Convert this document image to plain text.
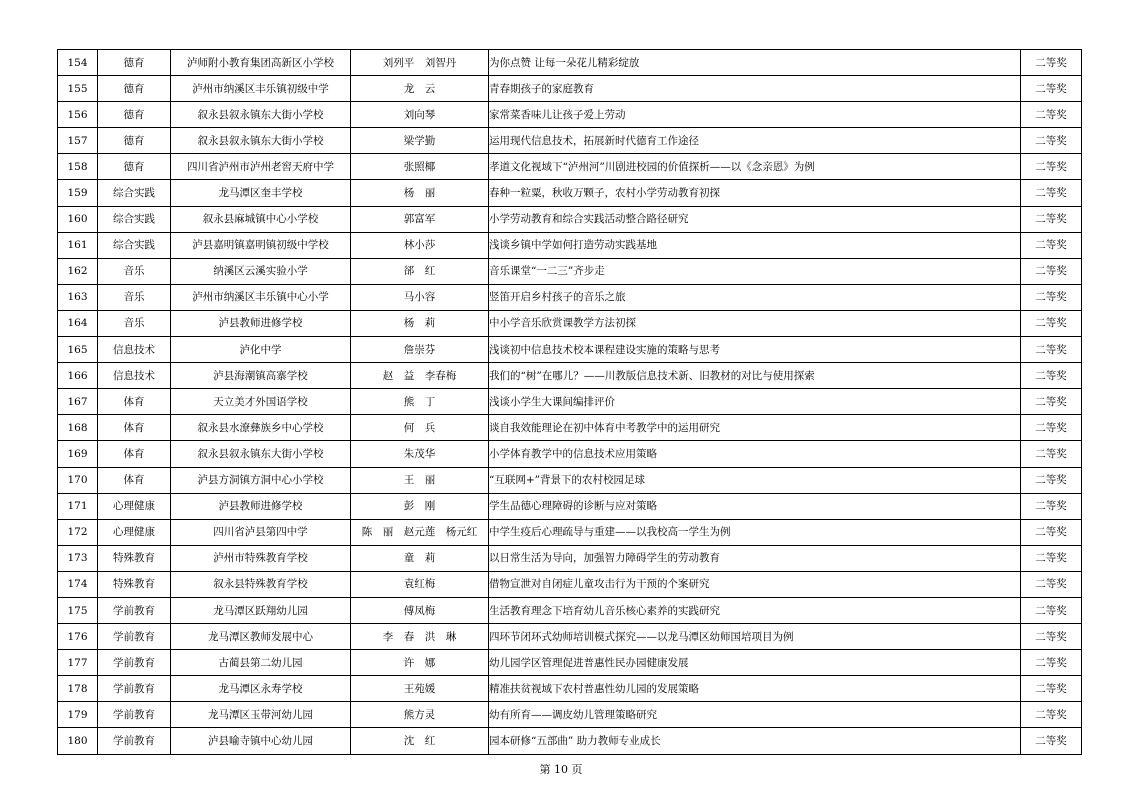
154	德育	泸师附小教育集团高新区小学校	刘列平　刘智丹	为你点赞 让每一朵花儿精彩绽放	二等奖
155	德育	泸州市纳溪区丰乐镇初级中学	龙　云	青春期孩子的家庭教育	二等奖
156	德育	叙永县叙永镇东大街小学校	刘向琴	家常菜香味儿让孩子爱上劳动	二等奖
157	德育	叙永县叙永镇东大街小学校	梁学勤	运用现代信息技术，拓展新时代德育工作途径	二等奖
158	德育	四川省泸州市泸州老窖天府中学	张照椰	孝道文化视域下“泸州河”川剧进校园的价值探析——以《念亲恩》为例	二等奖
159	综合实践	龙马潭区奎丰学校	杨　丽	春种一粒粟，秋收万颗子，农村小学劳动教育初探	二等奖
160	综合实践	叙永县麻城镇中心小学校	郭富军	小学劳动教育和综合实践活动整合路径研究	二等奖
161	综合实践	泸县嘉明镇嘉明镇初级中学校	林小莎	浅谈乡镇中学如何打造劳动实践基地	二等奖
162	音乐	纳溪区云溪实验小学	郤　红	音乐课堂“一二三”齐步走	二等奖
163	音乐	泸州市纳溪区丰乐镇中心小学	马小容	竖笛开启乡村孩子的音乐之旅	二等奖
164	音乐	泸县教师进修学校	杨　莉	中小学音乐欣赏课教学方法初探	二等奖
165	信息技术	泸化中学	詹崇芬	浅谈初中信息技术校本课程建设实施的策略与思考	二等奖
166	信息技术	泸县海潮镇高寨学校	赵　益　李春梅	我们的“树”在哪儿？——川教版信息技术新、旧教材的对比与使用探索	二等奖
167	体育	天立美才外国语学校	熊　丁	浅谈小学生大课间编排评价	二等奖
168	体育	叙永县水潦彝族乡中心学校	何　兵	谈自我效能理论在初中体育中考教学中的运用研究	二等奖
169	体育	叙永县叙永镇东大街小学校	朱茂华	小学体育教学中的信息技术应用策略	二等奖
170	体育	泸县方洞镇方洞中心小学校	王　丽	“互联网+”背景下的农村校园足球	二等奖
171	心理健康	泸县教师进修学校	彭　刚	学生品德心理障碍的诊断与应对策略	二等奖
172	心理健康	四川省泸县第四中学	陈　丽　赵元莲　杨元红	中学生疫后心理疏导与重建——以我校高一学生为例	二等奖
173	特殊教育	泸州市特殊教育学校	童　莉	以日常生活为导向，加强智力障碍学生的劳动教育	二等奖
174	特殊教育	叙永县特殊教育学校	袁红梅	借物宣泄对自闭症儿童攻击行为干预的个案研究	二等奖
175	学前教育	龙马潭区跃翔幼儿园	傅凤梅	生活教育理念下培育幼儿音乐核心素养的实践研究	二等奖
176	学前教育	龙马潭区教师发展中心	李　春　洪　琳	四环节闭环式幼师培训模式探究——以龙马潭区幼师国培项目为例	二等奖
177	学前教育	古蔺县第二幼儿园	许　娜	幼儿园学区管理促进普惠性民办园健康发展	二等奖
178	学前教育	龙马潭区永寿学校	王苑媛	精准扶贫视域下农村普惠性幼儿园的发展策略	二等奖
179	学前教育	龙马潭区玉带河幼儿园	熊方灵	幼有所育——调皮幼儿管理策略研究	二等奖
180	学前教育	泸县喻寺镇中心幼儿园	沈　红	园本研修“五部曲” 助力教师专业成长	二等奖
第 10 页
